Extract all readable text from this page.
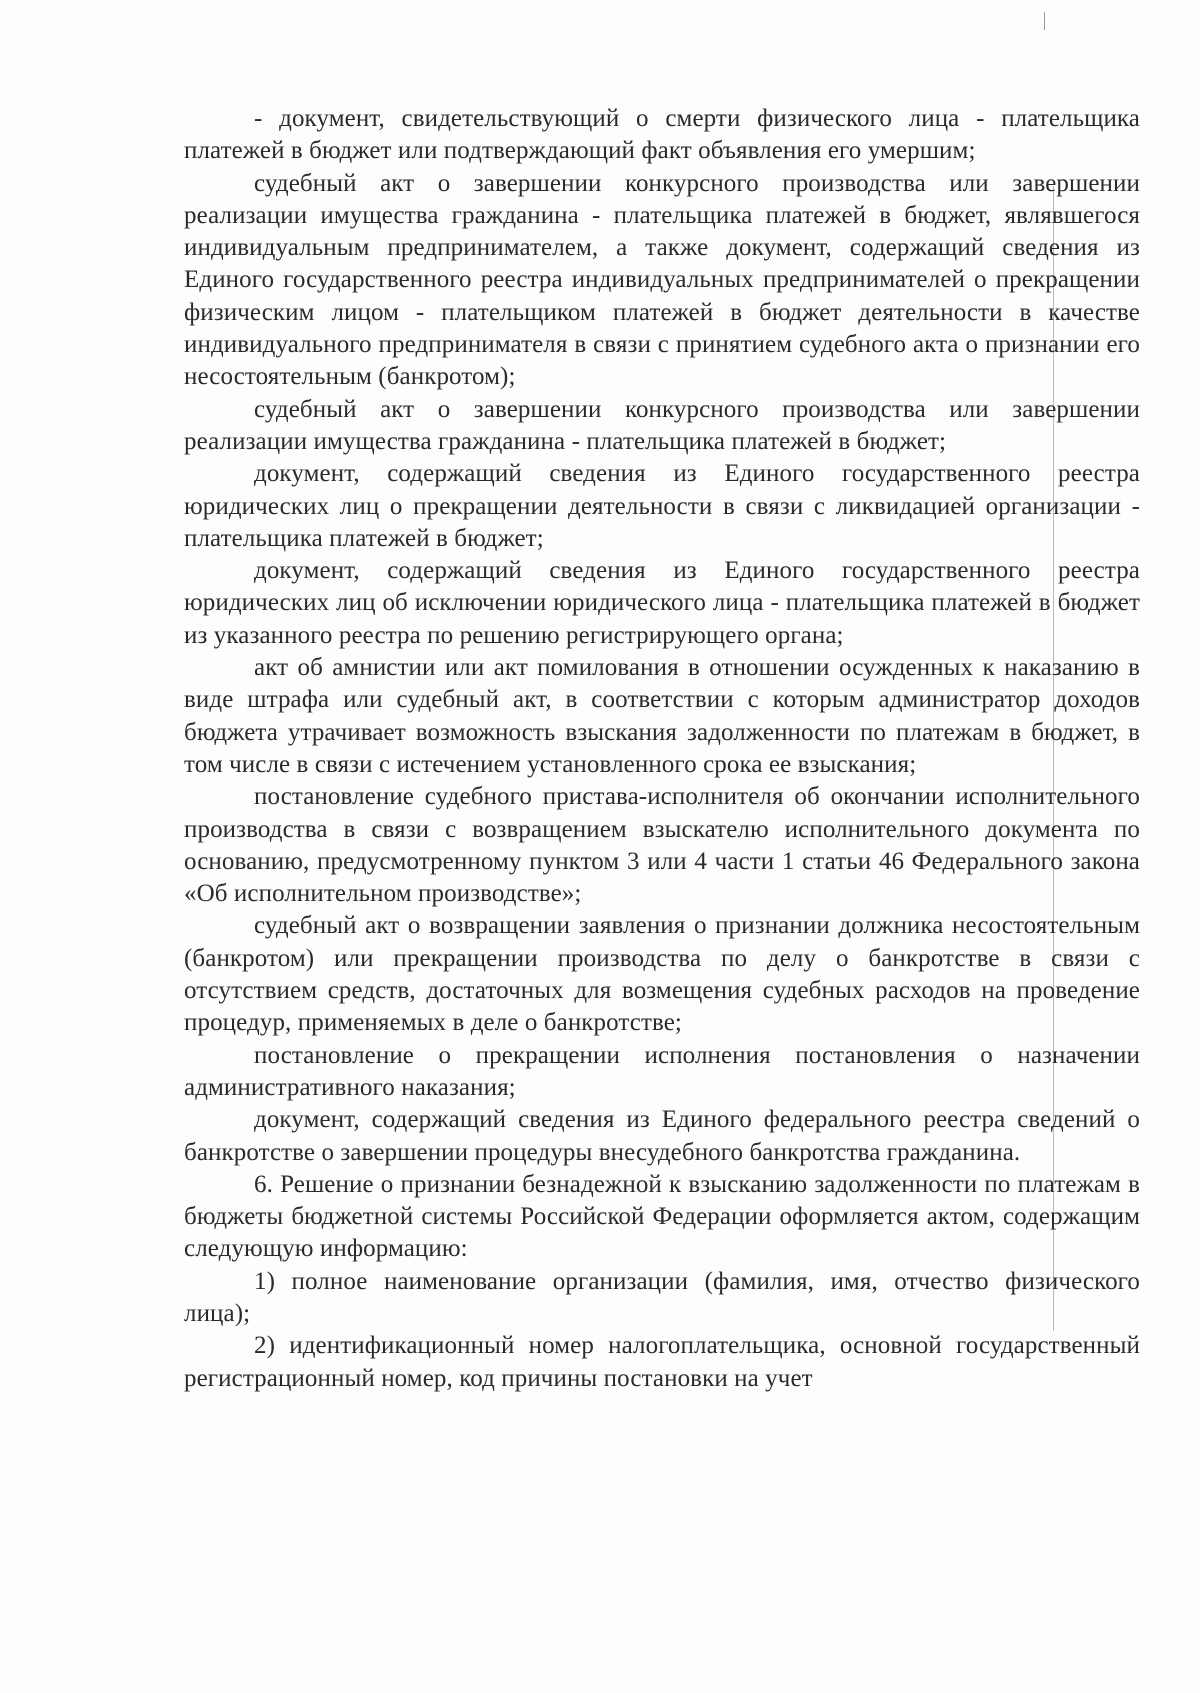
- документ, свидетельствующий о смерти физического лица - плательщика платежей в бюджет или подтверждающий факт объявления его умершим;

судебный акт о завершении конкурсного производства или завершении реализации имущества гражданина - плательщика платежей в бюджет, являвшегося индивидуальным предпринимателем, а также документ, содержащий сведения из Единого государственного реестра индивидуальных предпринимателей о прекращении физическим лицом - плательщиком платежей в бюджет деятельности в качестве индивидуального предпринимателя в связи с принятием судебного акта о признании его несостоятельным (банкротом);

судебный акт о завершении конкурсного производства или завершении реализации имущества гражданина - плательщика платежей в бюджет;

документ, содержащий сведения из Единого государственного реестра юридических лиц о прекращении деятельности в связи с ликвидацией организации - плательщика платежей в бюджет;

документ, содержащий сведения из Единого государственного реестра юридических лиц об исключении юридического лица - плательщика платежей в бюджет из указанного реестра по решению регистрирующего органа;

акт об амнистии или акт помилования в отношении осужденных к наказанию в виде штрафа или судебный акт, в соответствии с которым администратор доходов бюджета утрачивает возможность взыскания задолженности по платежам в бюджет, в том числе в связи с истечением установленного срока ее взыскания;

постановление судебного пристава-исполнителя об окончании исполнительного производства в связи с возвращением взыскателю исполнительного документа по основанию, предусмотренному пунктом 3 или 4 части 1 статьи 46 Федерального закона «Об исполнительном производстве»;

судебный акт о возвращении заявления о признании должника несостоятельным (банкротом) или прекращении производства по делу о банкротстве в связи с отсутствием средств, достаточных для возмещения судебных расходов на проведение процедур, применяемых в деле о банкротстве;

постановление о прекращении исполнения постановления о назначении административного наказания;

документ, содержащий сведения из Единого федерального реестра сведений о банкротстве о завершении процедуры внесудебного банкротства гражданина.

6. Решение о признании безнадежной к взысканию задолженности по платежам в бюджеты бюджетной системы Российской Федерации оформляется актом, содержащим следующую информацию:

1) полное наименование организации (фамилия, имя, отчество физического лица);

2) идентификационный номер налогоплательщика, основной государственный регистрационный номер, код причины постановки на учет
